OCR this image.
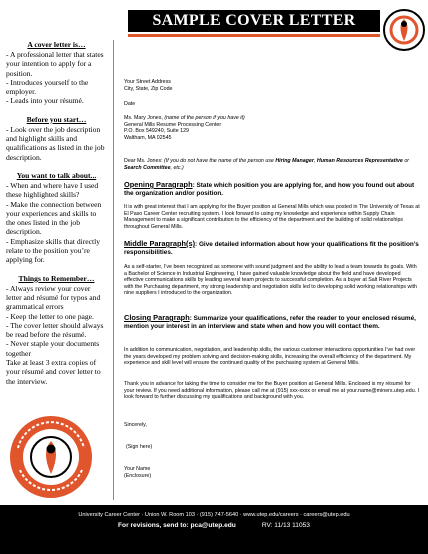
SAMPLE COVER LETTER
A cover letter is…
- A professional letter that states your intention to apply for a position.
- Introduces yourself to the employer.
- Leads into your résumé.
Before you start…
- Look over the job description and highlight skills and qualifications as listed in the job description.
You want to talk about...
- When and where have I used these highlighted skills?
- Make the connection between your experiences and skills to the ones listed in the job description.
- Emphasize skills that directly relate to the position you’re applying for.
Things to Remember…
- Always review your cover letter and résumé for typos and grammatical errors
- Keep the letter to one page.
- The cover letter should always be read before the résumé.
- Never staple your documents together
Take at least 3 extra copies of your résumé and cover letter to the interview.
Your Street Address
City, State, Zip Code
Date
Ms. Mary Jones, (name of the person if you have it)
General Mills Resume Processing Center
P.O. Box 549240, Suite 129
Waltham, MA 02545
Dear Ms. Jones: (If you do not have the name of the person use Hiring Manager, Human Resources Representative or Search Committee, etc.)
Opening Paragraph: State which position you are applying for, and how you found out about the organization and/or position.
It is with great interest that I am applying for the Buyer position at General Mills which was posted in The University of Texas at El Paso Career Center recruiting system. I look forward to using my knowledge and experience within Supply Chain Management to make a significant contribution to the efficiency of the department and the building of solid relationships throughout General Mills.
Middle Paragraph(s): Give detailed information about how your qualifications fit the position’s responsibilities.
As a self-starter, I’ve been recognized as someone with sound judgment and the ability to lead a team towards its goals. With a Bachelor of Science in Industrial Engineering, I have gained valuable knowledge about the field and have developed effective communications skills by leading several team projects to successful completion. As a buyer at Salt River Projects with the Purchasing department, my strong leadership and negotiation skills led to developing solid working relationships with nine suppliers I introduced to the organization.
Closing Paragraph: Summarize your qualifications, refer the reader to your enclosed résumé, mention your interest in an interview and state when and how you will contact them.
In addition to communication, negotiation, and leadership skills, the various customer interactions opportunities I’ve had over the years developed my problem solving and decision-making skills, increasing the overall efficiency of the department. My experience and skill level will ensure the continued quality of the purchasing system at General Mills.
Thank you in advance for taking the time to consider me for the Buyer position at General Mills. Enclosed is my résumé for your review. If you need additional information, please call me at (915) xxx-xxxx or email me at your.name@miners.utep.edu. I look forward to further discussing my qualifications and background with you.
Sincerely,
(Sign here)
Your Name
(Enclosure)
University Career Center · Union W. Room 103 · (915) 747-5640 · www.utep.edu/careers · careers@utep.edu
For revisions, send to: pca@utep.edu	RV: 11/13 11053
